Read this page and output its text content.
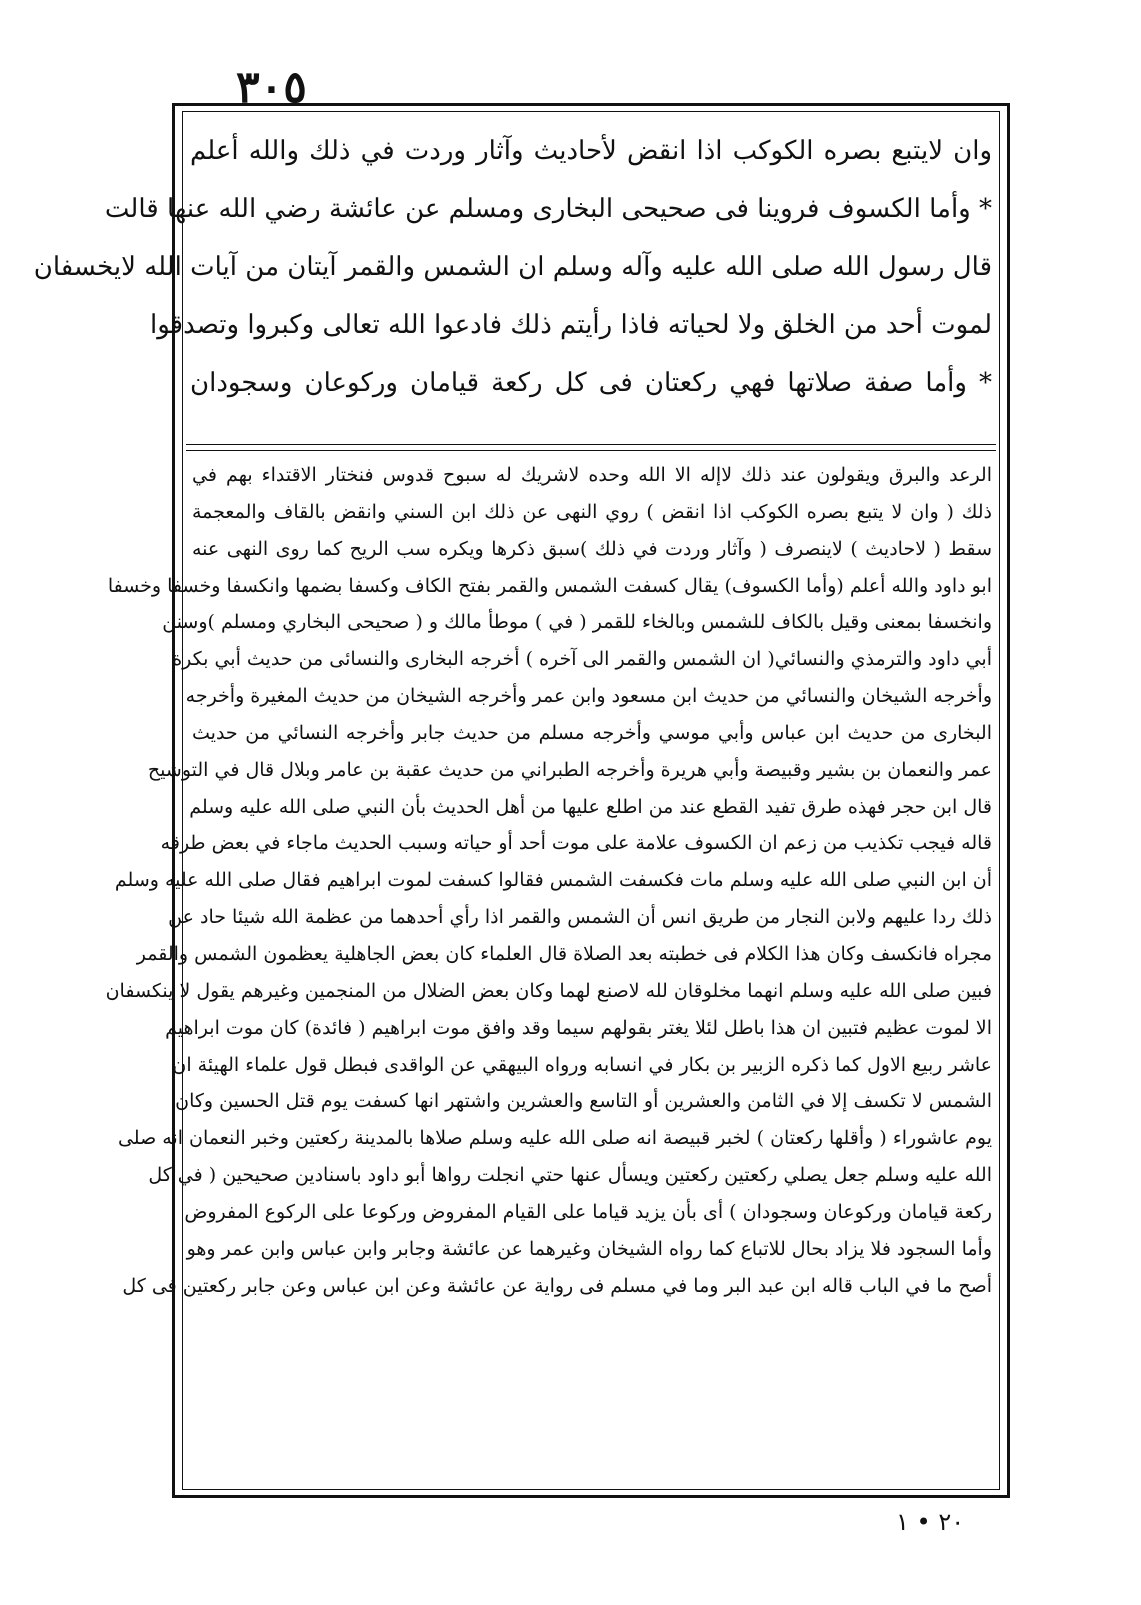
٣٠٥
وان لايتبع بصره الكوكب اذا انقض لأحاديث وآثار وردت في ذلك والله أعلم
* وأما الكسوف فروينا فى صحيحى البخارى ومسلم عن عائشة رضي الله عنها قالت
قال رسول الله صلى الله عليه وآله وسلم ان الشمس والقمر آيتان من آيات الله لايخسفان
لموت أحد من الخلق ولا لحياته فاذا رأيتم ذلك فادعوا الله تعالى وكبروا وتصدقوا
* وأما صفة صلاتها فهي ركعتان فى كل ركعة قيامان وركوعان وسجودان
الرعد والبرق ويقولون عند ذلك لاإله الا الله وحده لاشريك له سبوح قدوس فنختار الاقتداء بهم في
ذلك ( وان لا يتبع بصره الكوكب اذا انقض ) روي النهى عن ذلك ابن السني وانقض بالقاف والمعجمة
سقط ( لاحاديث ) لاينصرف ( وآثار وردت في ذلك )سبق ذكرها ويكره سب الريح كما روى النهى عنه
ابو داود والله أعلم (وأما الكسوف) يقال كسفت الشمس والقمر بفتح الكاف وكسفا بضمها وانكسفا وخسفا وخسفا
وانخسفا بمعنى وقيل بالكاف للشمس وبالخاء للقمر ( في ) موطأ مالك و ( صحيحى البخاري ومسلم )وسنن
أبي داود والترمذي والنسائي( ان الشمس والقمر الى آخره ) أخرجه البخارى والنسائى من حديث أبي بكرة
وأخرجه الشيخان والنسائي من حديث ابن مسعود وابن عمر وأخرجه الشيخان من حديث المغيرة وأخرجه
البخارى من حديث ابن عباس وأبي موسي وأخرجه مسلم من حديث جابر وأخرجه النسائي من حديث
عمر والنعمان بن بشير وقبيصة وأبي هريرة وأخرجه الطبراني من حديث عقبة بن عامر وبلال قال في التوشيح
قال ابن حجر فهذه طرق تفيد القطع عند من اطلع عليها من أهل الحديث بأن النبي صلى الله عليه وسلم
قاله فيجب تكذيب من زعم ان الكسوف علامة على موت أحد أو حياته وسبب الحديث ماجاء في بعض طرقه
أن ابن النبي صلى الله عليه وسلم مات فكسفت الشمس فقالوا كسفت لموت ابراهيم فقال صلى الله عليه وسلم
ذلك ردا عليهم ولابن النجار من طريق انس أن الشمس والقمر اذا رأي أحدهما من عظمة الله شيئا حاد عن
مجراه فانكسف وكان هذا الكلام فى خطبته بعد الصلاة قال العلماء كان بعض الجاهلية يعظمون الشمس والقمر
فبين صلى الله عليه وسلم انهما مخلوقان لله لاصنع لهما وكان بعض الضلال من المنجمين وغيرهم يقول لا ينكسفان
الا لموت عظيم فتبين ان هذا باطل لئلا يغتر بقولهم سيما وقد وافق موت ابراهيم ( فائدة) كان موت ابراهيم
عاشر ربيع الاول كما ذكره الزبير بن بكار في انسابه ورواه البيهقي عن الواقدى فبطل قول علماء الهيئة ان
الشمس لا تكسف إلا في الثامن والعشرين أو التاسع والعشرين واشتهر انها كسفت يوم قتل الحسين وكان
يوم عاشوراء ( وأقلها ركعتان ) لخبر قبيصة انه صلى الله عليه وسلم صلاها بالمدينة ركعتين وخبر النعمان انه صلى
الله عليه وسلم جعل يصلي ركعتين ركعتين ويسأل عنها حتي انجلت رواها أبو داود باسنادين صحيحين ( في كل
ركعة قيامان وركوعان وسجودان ) أى بأن يزيد قياما على القيام المفروض وركوعا على الركوع المفروض
وأما السجود فلا يزاد بحال للاتباع كما رواه الشيخان وغيرهما عن عائشة وجابر وابن عباس وابن عمر وهو
أصح ما في الباب قاله ابن عبد البر وما في مسلم فى رواية عن عائشة وعن ابن عباس وعن جابر ركعتين فى كل
٢٠ • ١
